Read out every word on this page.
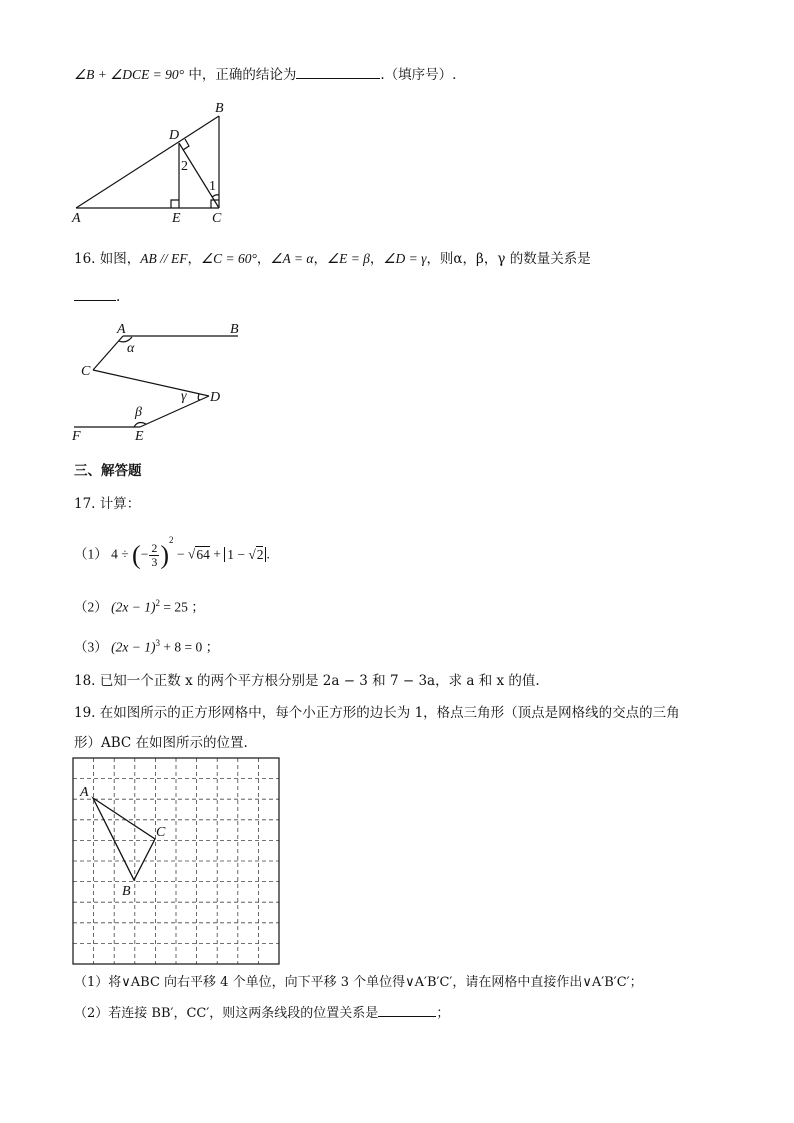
∠B + ∠DCE = 90° 中，正确的结论为	.（填序号）.
B
D
A	E C
2
1
16. 如图，AB // EF，∠C = 60°，∠A = α，∠E = β，∠D = γ，则α，β，γ 的数量关系是
.
A	B
α
C
γ D
β
F	E
三、解答题
17. 计算：
（1） 4 ÷ (− $\frac{2}{3} )^2 - √64 + 1 - √2$ .
（2） $(2x - 1)^2 = 25$ ；
（3） $(2x - 1)^3 + 8 = 0$ ；
18. 已知一个正数 x 的两个平方根分别是 2a − 3 和 7 − 3a，求 a 和 x 的值.
19. 在如图所示的正方形网格中，每个小正方形的边长为 1，格点三角形（顶点是网格线的交点的三角
形）ABC 在如图所示的位置.
A
C
B
（1）将∨ABC 向右平移 4 个单位，向下平移 3 个单位得∨A′B′C′，请在网格中直接作出∨A′B′C′；
（2）若连接 BB′，CC′，则这两条线段的位置关系是	；
